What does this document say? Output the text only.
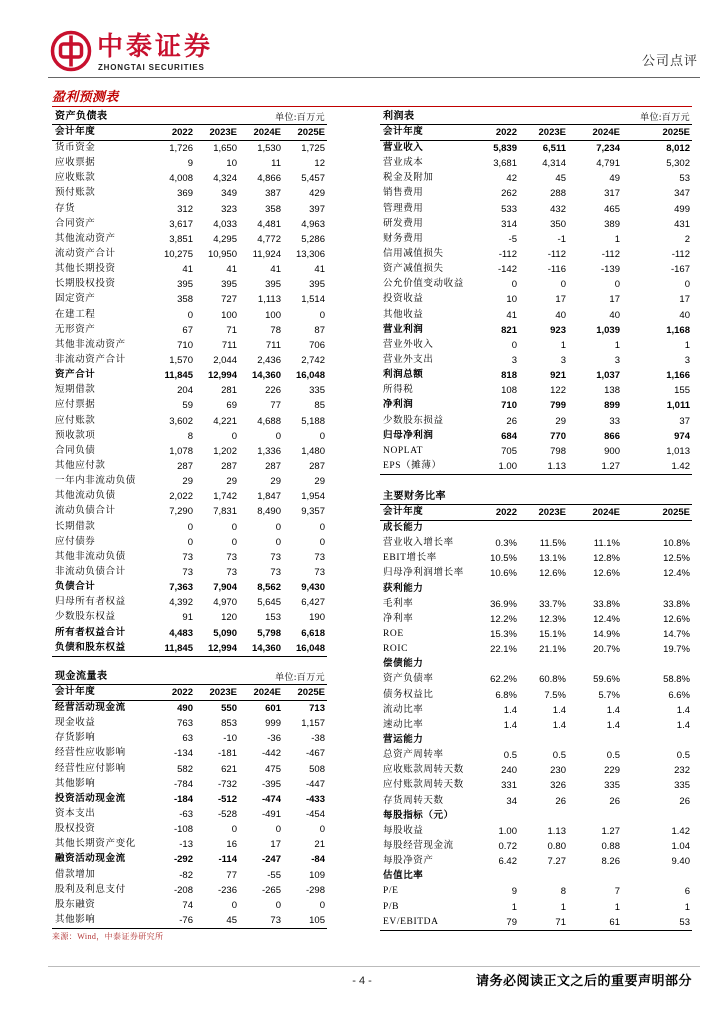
中泰证券
ZHONGTAI SECURITIES	公司点评
盈利预测表
资产负债表	单位:百万元
会计年度	2022	2023E	2024E	2025E
货币资金	1,726	1,650	1,530	1,725
应收票据	9	10	11	12
应收账款	4,008	4,324	4,866	5,457
预付账款	369	349	387	429
存货	312	323	358	397
合同资产	3,617	4,033	4,481	4,963
其他流动资产	3,851	4,295	4,772	5,286
流动资产合计	10,275	10,950	11,924	13,306
其他长期投资	41	41	41	41
长期股权投资	395	395	395	395
固定资产	358	727	1,113	1,514
在建工程	0	100	100	0
无形资产	67	71	78	87
其他非流动资产	710	711	711	706
非流动资产合计	1,570	2,044	2,436	2,742
资产合计	11,845	12,994	14,360	16,048
短期借款	204	281	226	335
应付票据	59	69	77	85
应付账款	3,602	4,221	4,688	5,188
预收款项	8	0	0	0
合同负债	1,078	1,202	1,336	1,480
其他应付款	287	287	287	287
一年内非流动负债	29	29	29	29
其他流动负债	2,022	1,742	1,847	1,954
流动负债合计	7,290	7,831	8,490	9,357
长期借款	0	0	0	0
应付债券	0	0	0	0
其他非流动负债	73	73	73	73
非流动负债合计	73	73	73	73
负债合计	7,363	7,904	8,562	9,430
归母所有者权益	4,392	4,970	5,645	6,427
少数股东权益	91	120	153	190
所有者权益合计	4,483	5,090	5,798	6,618
负债和股东权益	11,845	12,994	14,360	16,048
现金流量表	单位:百万元
会计年度	2022	2023E	2024E	2025E
经营活动现金流	490	550	601	713
现金收益	763	853	999	1,157
存货影响	63	-10	-36	-38
经营性应收影响	-134	-181	-442	-467
经营性应付影响	582	621	475	508
其他影响	-784	-732	-395	-447
投资活动现金流	-184	-512	-474	-433
资本支出	-63	-528	-491	-454
股权投资	-108	0	0	0
其他长期资产变化	-13	16	17	21
融资活动现金流	-292	-114	-247	-84
借款增加	-82	77	-55	109
股利及利息支付	-208	-236	-265	-298
股东融资	74	0	0	0
其他影响	-76	45	73	105
利润表	单位:百万元
会计年度	2022	2023E	2024E	2025E
营业收入	5,839	6,511	7,234	8,012
营业成本	3,681	4,314	4,791	5,302
税金及附加	42	45	49	53
销售费用	262	288	317	347
管理费用	533	432	465	499
研发费用	314	350	389	431
财务费用	-5	-1	1	2
信用减值损失	-112	-112	-112	-112
资产减值损失	-142	-116	-139	-167
公允价值变动收益	0	0	0	0
投资收益	10	17	17	17
其他收益	41	40	40	40
营业利润	821	923	1,039	1,168
营业外收入	0	1	1	1
营业外支出	3	3	3	3
利润总额	818	921	1,037	1,166
所得税	108	122	138	155
净利润	710	799	899	1,011
少数股东损益	26	29	33	37
归母净利润	684	770	866	974
NOPLAT	705	798	900	1,013
EPS（摊薄）	1.00	1.13	1.27	1.42
主要财务比率
会计年度	2022	2023E	2024E	2025E
成长能力
营业收入增长率	0.3%	11.5%	11.1%	10.8%
EBIT增长率	10.5%	13.1%	12.8%	12.5%
归母净利润增长率	10.6%	12.6%	12.6%	12.4%
获利能力
毛利率	36.9%	33.7%	33.8%	33.8%
净利率	12.2%	12.3%	12.4%	12.6%
ROE	15.3%	15.1%	14.9%	14.7%
ROIC	22.1%	21.1%	20.7%	19.7%
偿债能力
资产负债率	62.2%	60.8%	59.6%	58.8%
债务权益比	6.8%	7.5%	5.7%	6.6%
流动比率	1.4	1.4	1.4	1.4
速动比率	1.4	1.4	1.4	1.4
营运能力
总资产周转率	0.5	0.5	0.5	0.5
应收账款周转天数	240	230	229	232
应付账款周转天数	331	326	335	335
存货周转天数	34	26	26	26
每股指标（元）
每股收益	1.00	1.13	1.27	1.42
每股经营现金流	0.72	0.80	0.88	1.04
每股净资产	6.42	7.27	8.26	9.40
估值比率
P/E	9	8	7	6
P/B	1	1	1	1
EV/EBITDA	79	71	61	53
来源：Wind，中泰证券研究所
- 4 -	请务必阅读正文之后的重要声明部分
